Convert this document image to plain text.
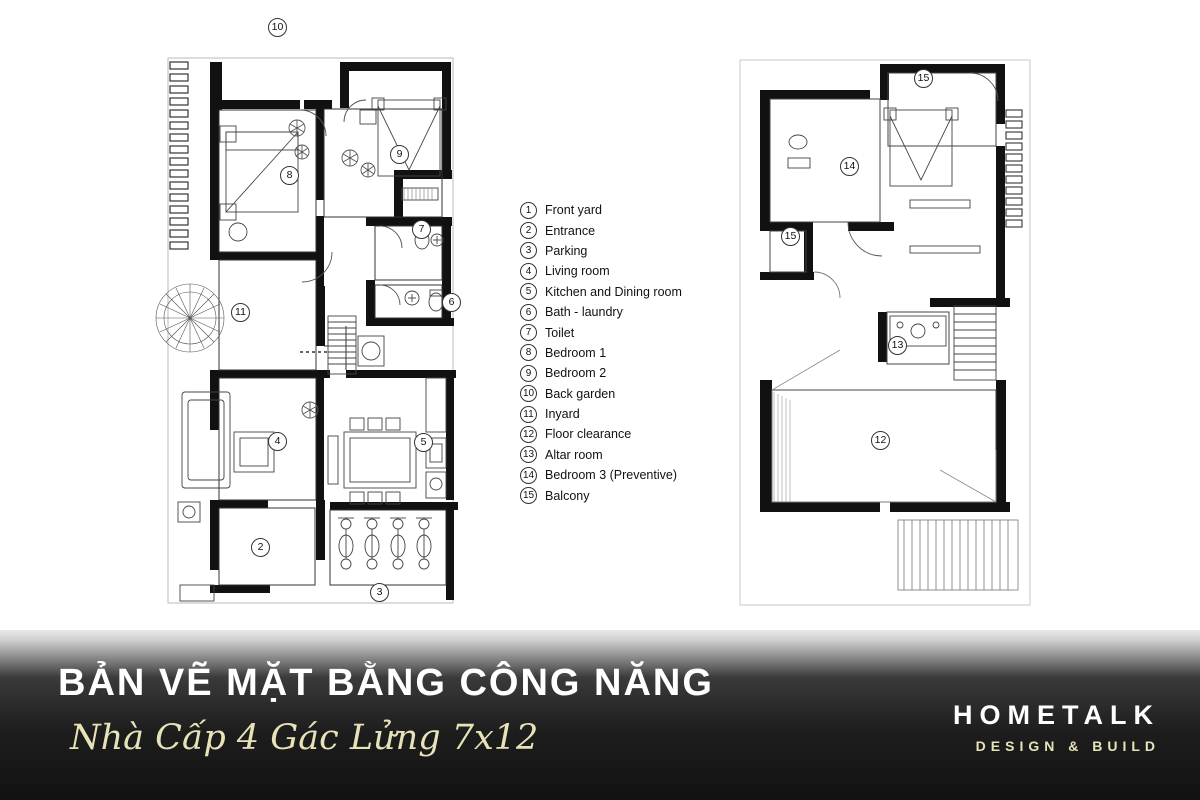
10
9
8
7
6
11
4	5
2
3
15
14
15
13
12
1	Front yard
2	Entrance
3	Parking
4	Living room
5	Kitchen and Dining room
6	Bath - laundry
7	Toilet
8	Bedroom 1
9	Bedroom 2
10 Back garden
11 Inyard
12 Floor clearance
13 Altar room
14 Bedroom 3 (Preventive)
15 Balcony
BẢN VẼ MẶT BẰNG CÔNG NĂNG
Nhà Cấp 4 Gác Lửng 7x12
HOMETALK
DESIGN & BUILD
